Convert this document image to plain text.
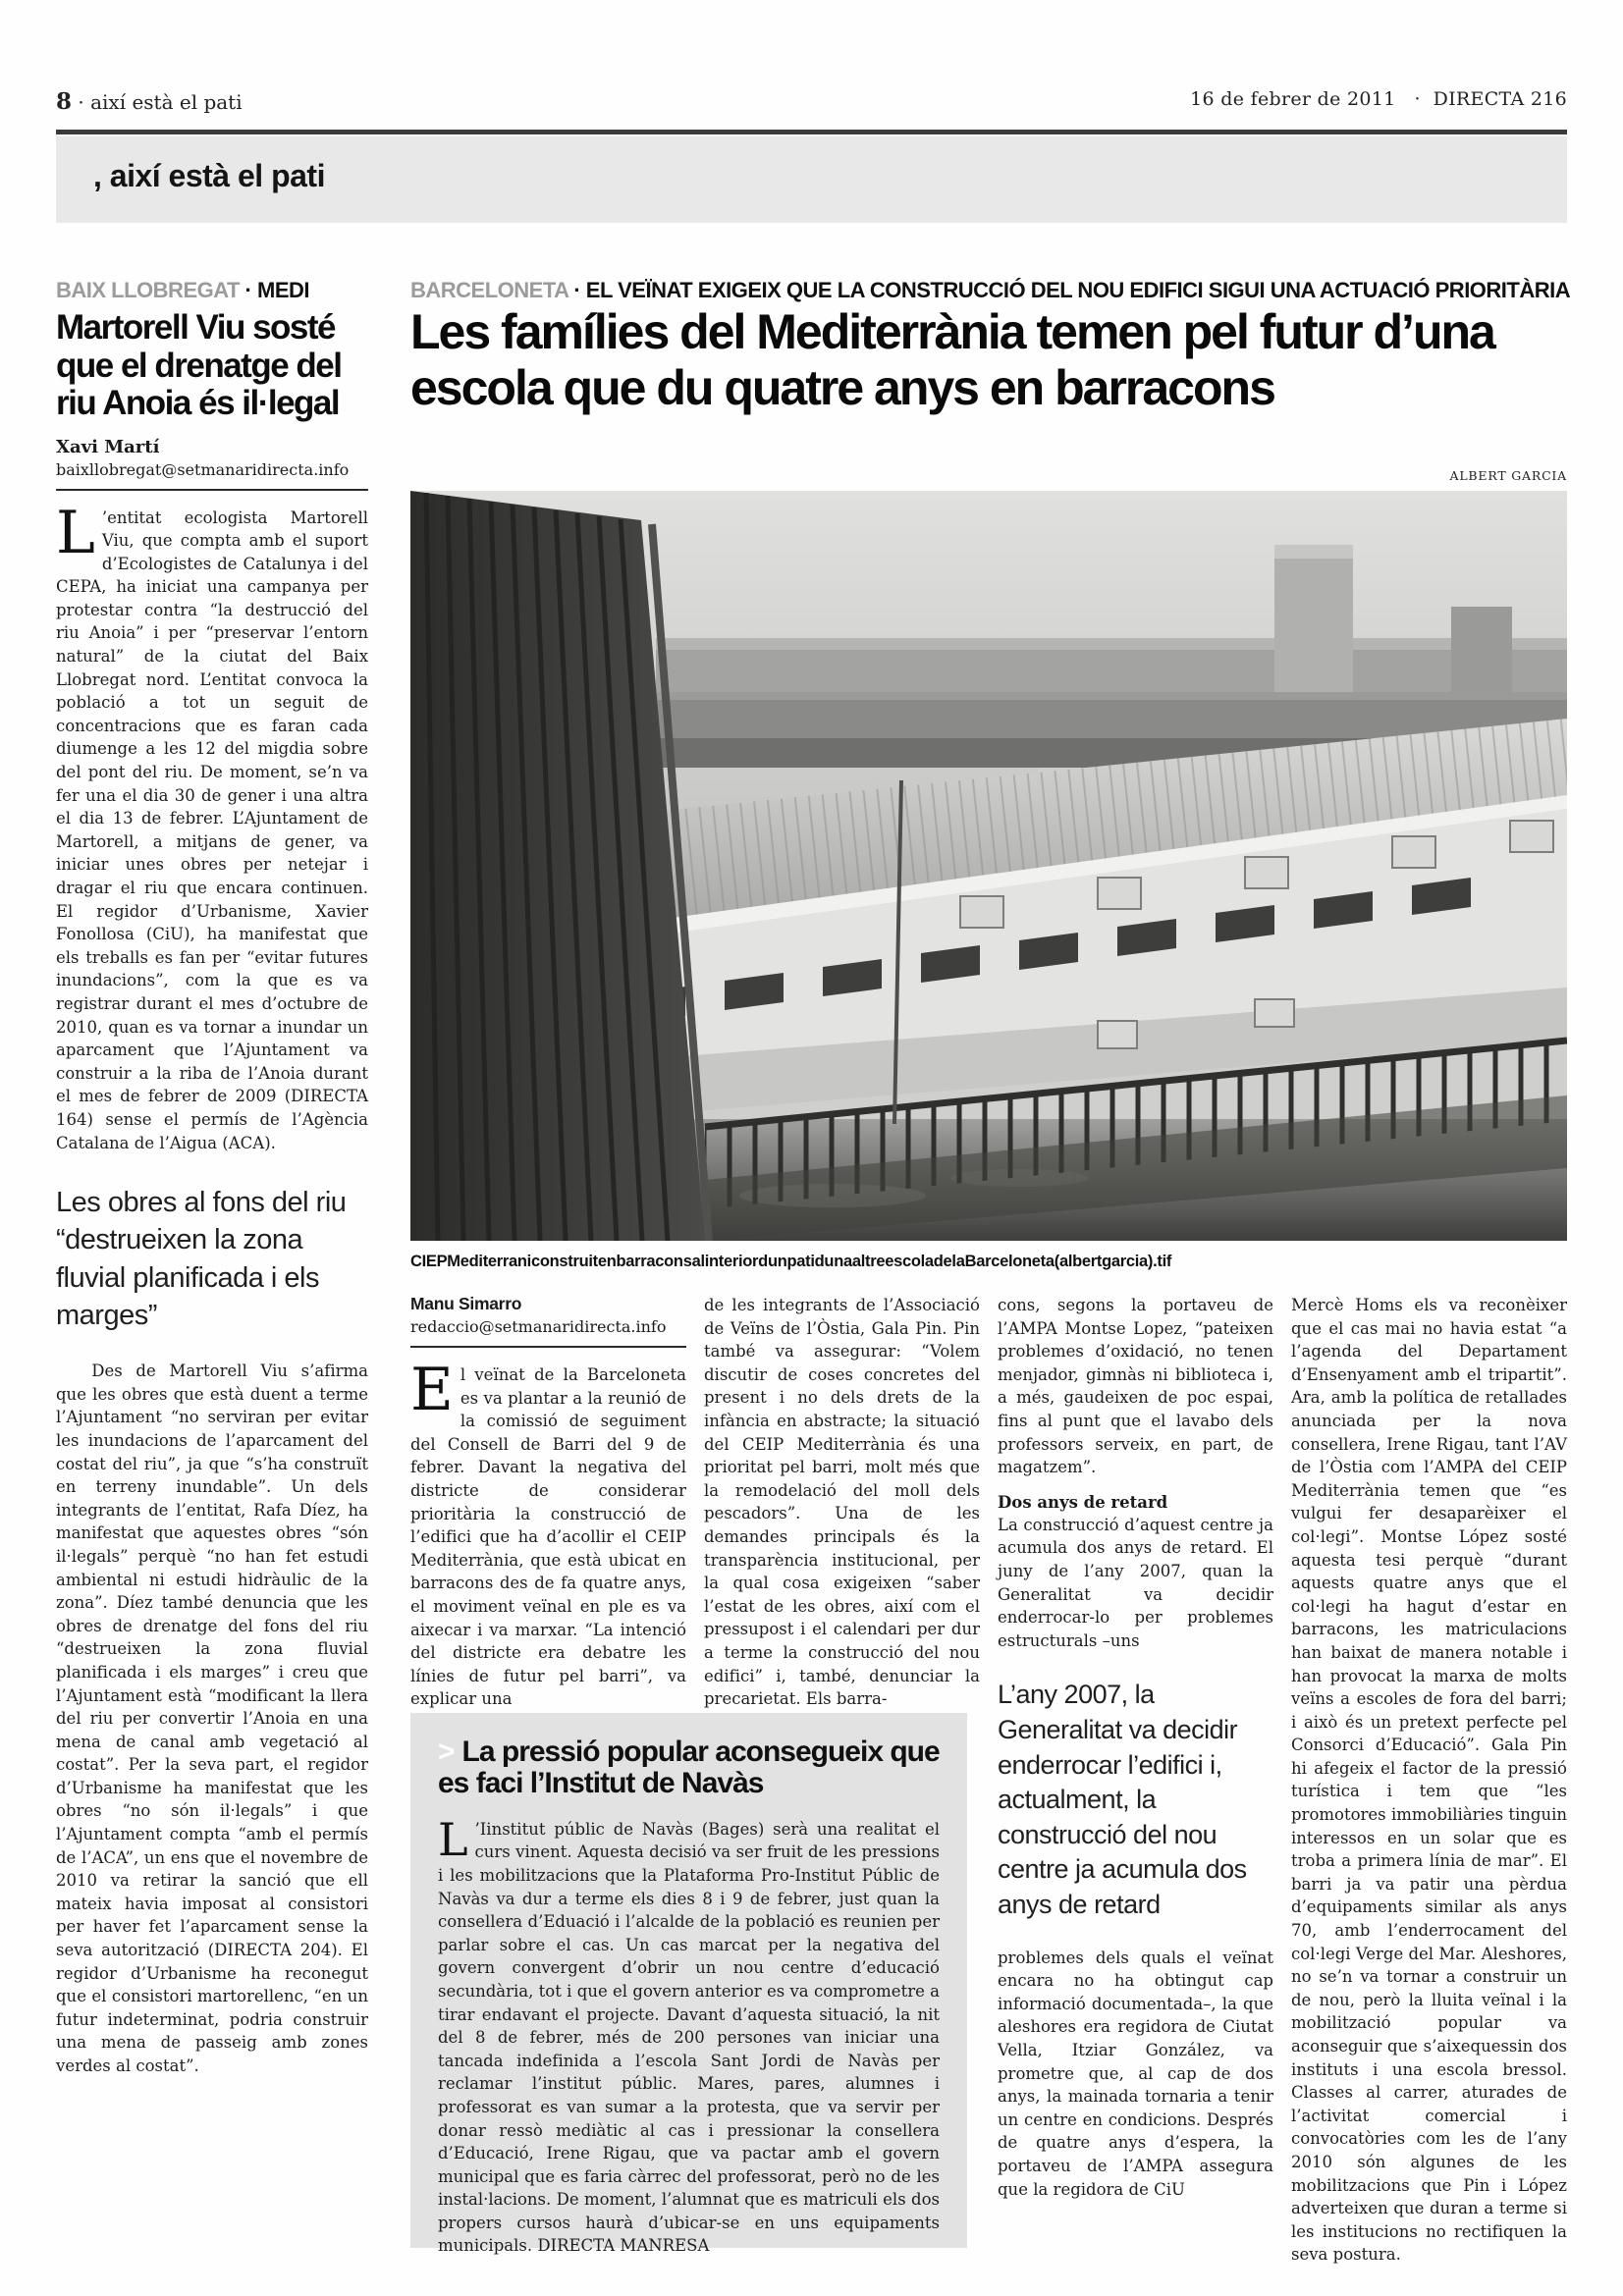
8 · així està el pati	16 de febrer de 2011   ·  DIRECTA 216
, així està el pati
BAIX LLOBREGAT · MEDI
Martorell Viu sosté que el drenatge del riu Anoia és il·legal
Xavi Martí
baixllobregat@setmanaridirecta.info
L ’entitat ecologista Martorell Viu, que compta amb el suport d’Ecologistes de Catalunya i del CEPA, ha iniciat una campanya per protestar contra “la destrucció del riu Anoia” i per “preservar l’entorn natural” de la ciutat del Baix Llobregat nord. L’entitat convoca la població a tot un seguit de concentracions que es faran cada diumenge a les 12 del migdia sobre del pont del riu. De moment, se’n va fer una el dia 30 de gener i una altra el dia 13 de febrer. L’Ajuntament de Martorell, a mitjans de gener, va iniciar unes obres per netejar i dragar el riu que encara continuen. El regidor d’Urbanisme, Xavier Fonollosa (CiU), ha manifestat que els treballs es fan per “evitar futures inundacions”, com la que es va registrar durant el mes d’octubre de 2010, quan es va tornar a inundar un aparcament que l’Ajuntament va construir a la riba de l’Anoia durant el mes de febrer de 2009 (DIRECTA 164) sense el permís de l’Agència Catalana de l’Aigua (ACA).
Les obres al fons del riu “destrueixen la zona fluvial planificada i els marges”
Des de Martorell Viu s’afirma que les obres que està duent a terme l’Ajuntament “no serviran per evitar les inundacions de l’aparcament del costat del riu”, ja que “s’ha construït en terreny inundable”. Un dels integrants de l’entitat, Rafa Díez, ha manifestat que aquestes obres “són il·legals” perquè “no han fet estudi ambiental ni estudi hidràulic de la zona”. Díez també denuncia que les obres de drenatge del fons del riu “destrueixen la zona fluvial planificada i els marges” i creu que l’Ajuntament està “modificant la llera del riu per convertir l’Anoia en una mena de canal amb vegetació al costat”. Per la seva part, el regidor d’Urbanisme ha manifestat que les obres “no són il·legals” i que l’Ajuntament compta “amb el permís de l’ACA”, un ens que el novembre de 2010 va retirar la sanció que ell mateix havia imposat al consistori per haver fet l’aparcament sense la seva autorització (DIRECTA 204). El regidor d’Urbanisme ha reconegut que el consistori martorellenc, “en un futur indeterminat, podria construir una mena de passeig amb zones verdes al costat”.
BARCELONETA · EL VEÏNAT EXIGEIX QUE LA CONSTRUCCIÓ DEL NOU EDIFICI SIGUI UNA ACTUACIÓ PRIORITÀRIA
Les famílies del Mediterrània temen pel futur d’una escola que du quatre anys en barracons
ALBERT GARCIA
CIEPMediterraniconstruitenbarraconsalinteriordunpatidunaaltreescoladelaBarceloneta(albertgarcia).tif
Manu Simarro
redaccio@setmanaridirecta.info
El veïnat de la Barceloneta es va plantar a la reunió de la comissió de seguiment del Consell de Barri del 9 de febrer. Davant la negativa del districte de considerar prioritària la construcció de l’edifici que ha d’acollir el CEIP Mediterrània, que està ubicat en barracons des de fa quatre anys, el moviment veïnal en ple es va aixecar i va marxar. “La intenció del districte era debatre les línies de futur pel barri”, va explicar una
de les integrants de l’Associació de Veïns de l’Òstia, Gala Pin. Pin també va assegurar: “Volem discutir de coses concretes del present i no dels drets de la infància en abstracte; la situació del CEIP Mediterrània és una prioritat pel barri, molt més que la remodelació del moll dels pescadors”. Una de les demandes principals és la transparència institucional, per la qual cosa exigeixen “saber l’estat de les obres, així com el pressupost i el calendari per dur a terme la construcció del nou edifici” i, també, denunciar la precarietat. Els barra-
cons, segons la portaveu de l’AMPA Montse Lopez, “pateixen problemes d’oxidació, no tenen menjador, gimnàs ni biblioteca i, a més, gaudeixen de poc espai, fins al punt que el lavabo dels professors serveix, en part, de magatzem”.
Dos anys de retard
La construcció d’aquest centre ja acumula dos anys de retard. El juny de l’any 2007, quan la Generalitat va decidir enderrocar-lo per problemes estructurals –uns
L’any 2007, la Generalitat va decidir enderrocar l’edifici i, actualment, la construcció del nou centre ja acumula dos anys de retard
problemes dels quals el veïnat encara no ha obtingut cap informació documentada–, la que aleshores era regidora de Ciutat Vella, Itziar González, va prometre que, al cap de dos anys, la mainada tornaria a tenir un centre en condicions. Després de quatre anys d’espera, la portaveu de l’AMPA assegura que la regidora de CiU
Mercè Homs els va reconèixer que el cas mai no havia estat “a l’agenda del Departament d’Ensenyament amb el tripartit”. Ara, amb la política de retallades anunciada per la nova consellera, Irene Rigau, tant l’AV de l’Òstia com l’AMPA del CEIP Mediterrània temen que “es vulgui fer desaparèixer el col·legi”. Montse López sosté aquesta tesi perquè “durant aquests quatre anys que el col·legi ha hagut d’estar en barracons, les matriculacions han baixat de manera notable i han provocat la marxa de molts veïns a escoles de fora del barri; i això és un pretext perfecte pel Consorci d’Educació”. Gala Pin hi afegeix el factor de la pressió turística i tem que “les promotores immobiliàries tinguin interessos en un solar que es troba a primera línia de mar”. El barri ja va patir una pèrdua d’equipaments similar als anys 70, amb l’enderrocament del col·legi Verge del Mar. Aleshores, no se’n va tornar a construir un de nou, però la lluita veïnal i la mobilització popular va aconseguir que s’aixequessin dos instituts i una escola bressol. Classes al carrer, aturades de l’activitat comercial i convocatòries com les de l’any 2010 són algunes de les mobilitzacions que Pin i López adverteixen que duran a terme si les institucions no rectifiquen la seva postura.
> La pressió popular aconsegueix que es faci l’Institut de Navàs
L ’Iinstitut públic de Navàs (Bages) serà una realitat el curs vinent. Aquesta decisió va ser fruit de les pressions i les mobilitzacions que la Plataforma Pro-Institut Públic de Navàs va dur a terme els dies 8 i 9 de febrer, just quan la consellera d’Eduació i l’alcalde de la població es reunien per parlar sobre el cas. Un cas marcat per la negativa del govern convergent d’obrir un nou centre d’educació secundària, tot i que el govern anterior es va comprometre a tirar endavant el projecte. Davant d’aquesta situació, la nit del 8 de febrer, més de 200 persones van iniciar una tancada indefinida a l’escola Sant Jordi de Navàs per reclamar l’institut públic. Mares, pares, alumnes i professorat es van sumar a la protesta, que va servir per donar ressò mediàtic al cas i pressionar la consellera d’Educació, Irene Rigau, que va pactar amb el govern municipal que es faria càrrec del professorat, però no de les instal·lacions. De moment, l’alumnat que es matriculi els dos propers cursos haurà d’ubicar-se en uns equipaments municipals. DIRECTA MANRESA
